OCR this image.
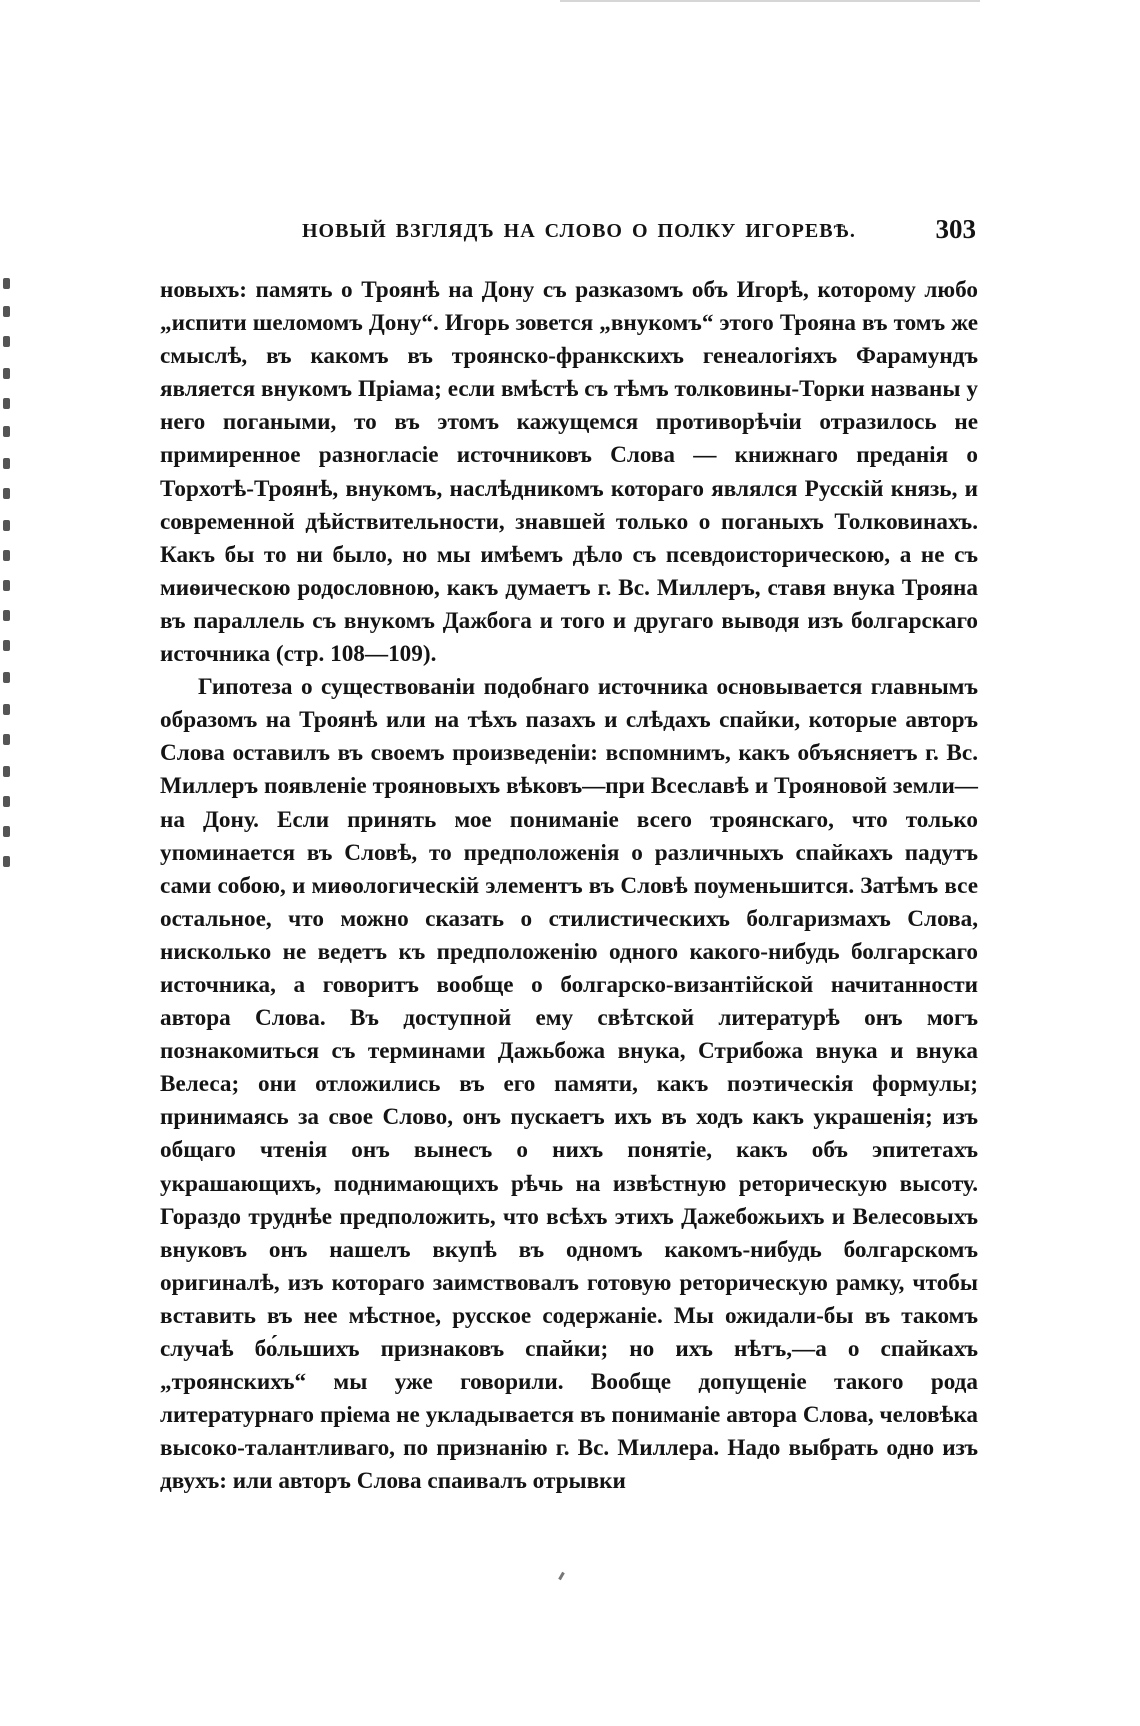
НОВЫЙ ВЗГЛЯДЪ НА СЛОВО О ПОЛКУ ИГОРЕВѢ.	303

новыхъ: память о Троянѣ на Дону съ разказомъ объ Игорѣ, которому любо „испити шеломомъ Дону“. Игорь зовется „внукомъ“ этого Трояна въ томъ же смыслѣ, въ какомъ въ троянско-франкскихъ генеалогіяхъ Фарамундъ является внукомъ Пріама; если вмѣстѣ съ тѣмъ толковины-Торки названы у него погаными, то въ этомъ кажущемся противорѣчіи отразилось не примиренное разногласіе источниковъ Слова — книжнаго преданія о Торхотѣ-Троянѣ, внукомъ, наслѣдникомъ котораго являлся Русскій князь, и современной дѣйствительности, знавшей только о поганыхъ Толковинахъ. Какъ бы то ни было, но мы имѣемъ дѣло съ псевдоисторическою, а не съ миѳическою родословною, какъ думаетъ г. Вс. Миллеръ, ставя внука Трояна въ параллель съ внукомъ Дажбога и того и другаго выводя изъ болгарскаго источника (стр. 108—109).

Гипотеза о существованіи подобнаго источника основывается главнымъ образомъ на Троянѣ или на тѣхъ пазахъ и слѣдахъ спайки, которые авторъ Слова оставилъ въ своемъ произведеніи: вспомнимъ, какъ объясняетъ г. Вс. Миллеръ появленіе трояновыхъ вѣковъ—при Всеславѣ и Трояновой земли—на Дону. Если принять мое пониманіе всего троянскаго, что только упоминается въ Словѣ, то предположенія о различныхъ спайкахъ падутъ сами собою, и миѳологическій элементъ въ Словѣ поуменьшится. Затѣмъ все остальное, что можно сказать о стилистическихъ болгаризмахъ Слова, нисколько не ведетъ къ предположенію одного какого-нибудь болгарскаго источника, а говоритъ вообще о болгарско-византійской начитанности автора Слова. Въ доступной ему свѣтской литературѣ онъ могъ познакомиться съ терминами Дажьбожа внука, Стрибожа внука и внука Велеса; они отложились въ его памяти, какъ поэтическія формулы; принимаясь за свое Слово, онъ пускаетъ ихъ въ ходъ какъ украшенія; изъ общаго чтенія онъ вынесъ о нихъ понятіе, какъ объ эпитетахъ украшающихъ, поднимающихъ рѣчь на извѣстную реторическую высоту. Гораздо труднѣе предположить, что всѣхъ этихъ Дажебожьихъ и Велесовыхъ внуковъ онъ нашелъ вкупѣ въ одномъ какомъ-нибудь болгарскомъ оригиналѣ, изъ котораго заимствовалъ готовую реторическую рамку, чтобы вставить въ нее мѣстное, русское содержаніе. Мы ожидали-бы въ такомъ случаѣ бо́льшихъ признаковъ спайки; но ихъ нѣтъ,—а о спайкахъ „троянскихъ“ мы уже говорили. Вообще допущеніе такого рода литературнаго пріема не укладывается въ пониманіе автора Слова, человѣка высоко-талантливаго, по признанію г. Вс. Миллера. Надо выбрать одно изъ двухъ: или авторъ Слова спаивалъ отрывки
